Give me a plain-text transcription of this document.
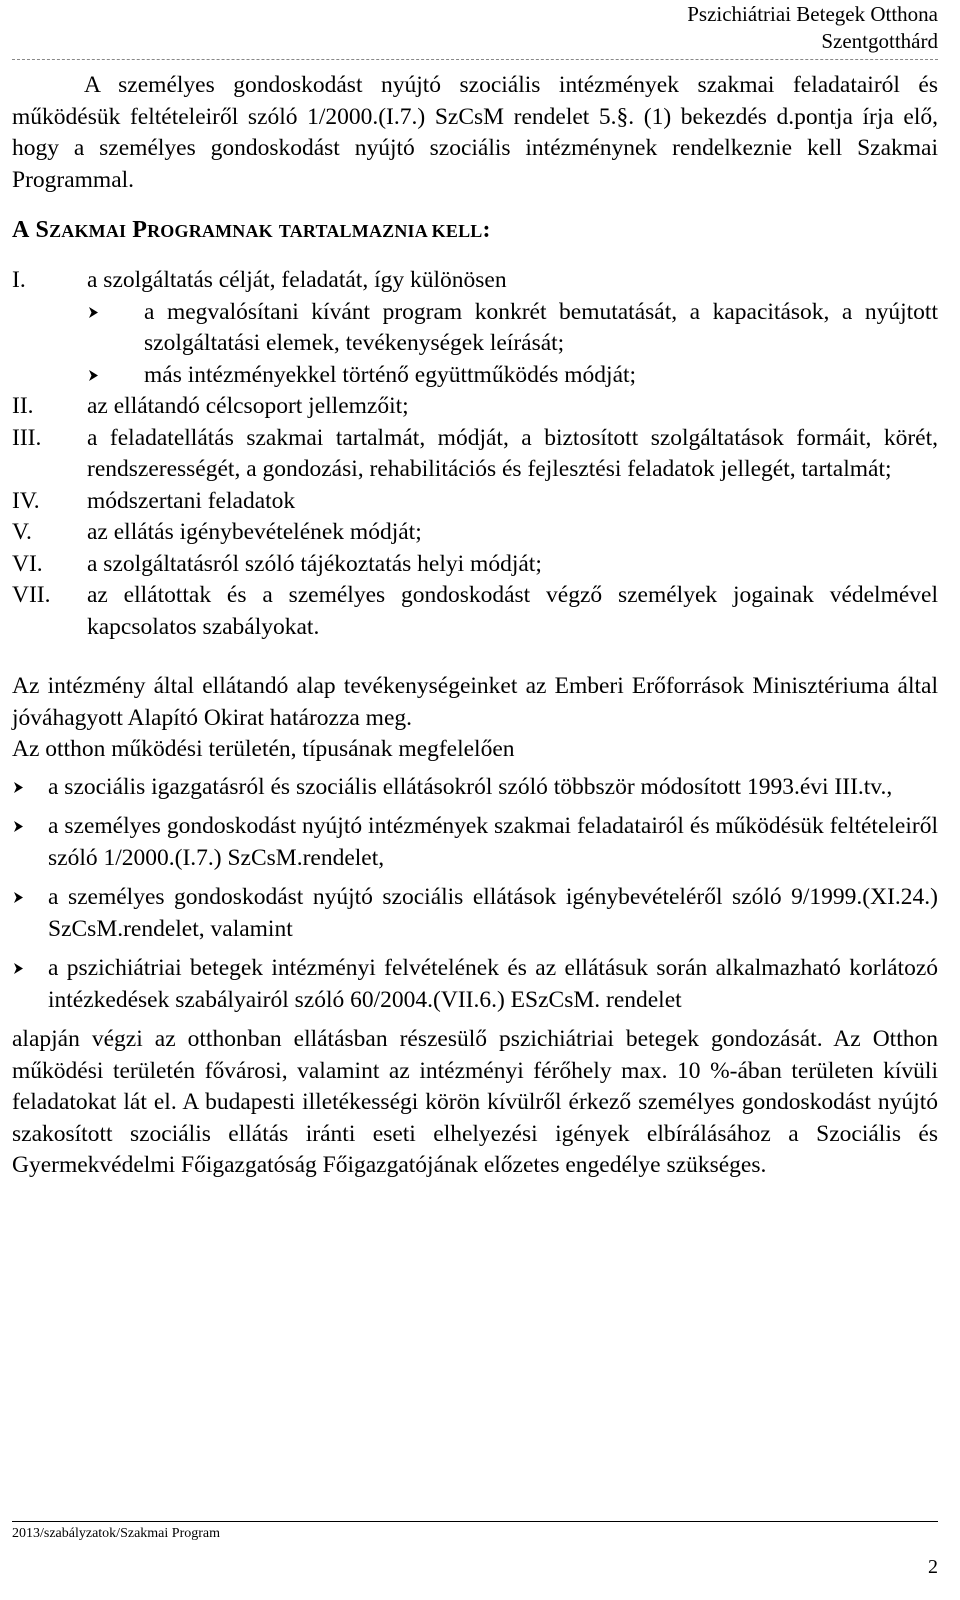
Pszichiátriai Betegek Otthona
Szentgotthárd

A személyes gondoskodást nyújtó szociális intézmények szakmai feladatairól és működésük feltételeiről szóló 1/2000.(I.7.) SzCsM rendelet 5.§. (1) bekezdés d.pontja írja elő, hogy a személyes gondoskodást nyújtó szociális intézménynek rendelkeznie kell Szakmai Programmal.

A SZAKMAI PROGRAMNAK TARTALMAZNIA KELL:
I.	a szolgáltatás célját, feladatát, így különösen
a megvalósítani kívánt program konkrét bemutatását, a kapacitások, a nyújtott szolgáltatási elemek, tevékenységek leírását;
más intézményekkel történő együttműködés módját;
II.	az ellátandó célcsoport jellemzőit;
III.	a feladatellátás szakmai tartalmát, módját, a biztosított szolgáltatások formáit, körét, rendszerességét, a gondozási, rehabilitációs és fejlesztési feladatok jellegét, tartalmát;
IV.	módszertani feladatok
V.	az ellátás igénybevételének módját;
VI.	a szolgáltatásról szóló tájékoztatás helyi módját;
VII.	az ellátottak és a személyes gondoskodást végző személyek jogainak védelmével kapcsolatos szabályokat.

Az intézmény által ellátandó alap tevékenységeinket az Emberi Erőforrások Minisztériuma által jóváhagyott Alapító Okirat határozza meg.

Az otthon működési területén, típusának megfelelően

a szociális igazgatásról és szociális ellátásokról szóló többször módosított 1993.évi III.tv.,
a személyes gondoskodást nyújtó intézmények szakmai feladatairól és működésük feltételeiről szóló 1/2000.(I.7.) SzCsM.rendelet,
a személyes gondoskodást nyújtó szociális ellátások igénybevételéről szóló 9/1999.(XI.24.) SzCsM.rendelet, valamint
a pszichiátriai betegek intézményi felvételének és az ellátásuk során alkalmazható korlátozó intézkedések szabályairól szóló 60/2004.(VII.6.) ESzCsM. rendelet

alapján végzi az otthonban ellátásban részesülő pszichiátriai betegek gondozását. Az Otthon működési területén fővárosi, valamint az intézményi férőhely max. 10 %-ában területen kívüli feladatokat lát el. A budapesti illetékességi körön kívülről érkező személyes gondoskodást nyújtó szakosított szociális ellátás iránti eseti elhelyezési igények elbírálásához a Szociális és Gyermekvédelmi Főigazgatóság Főigazgatójának előzetes engedélye szükséges.

2013/szabályzatok/Szakmai Program
2
